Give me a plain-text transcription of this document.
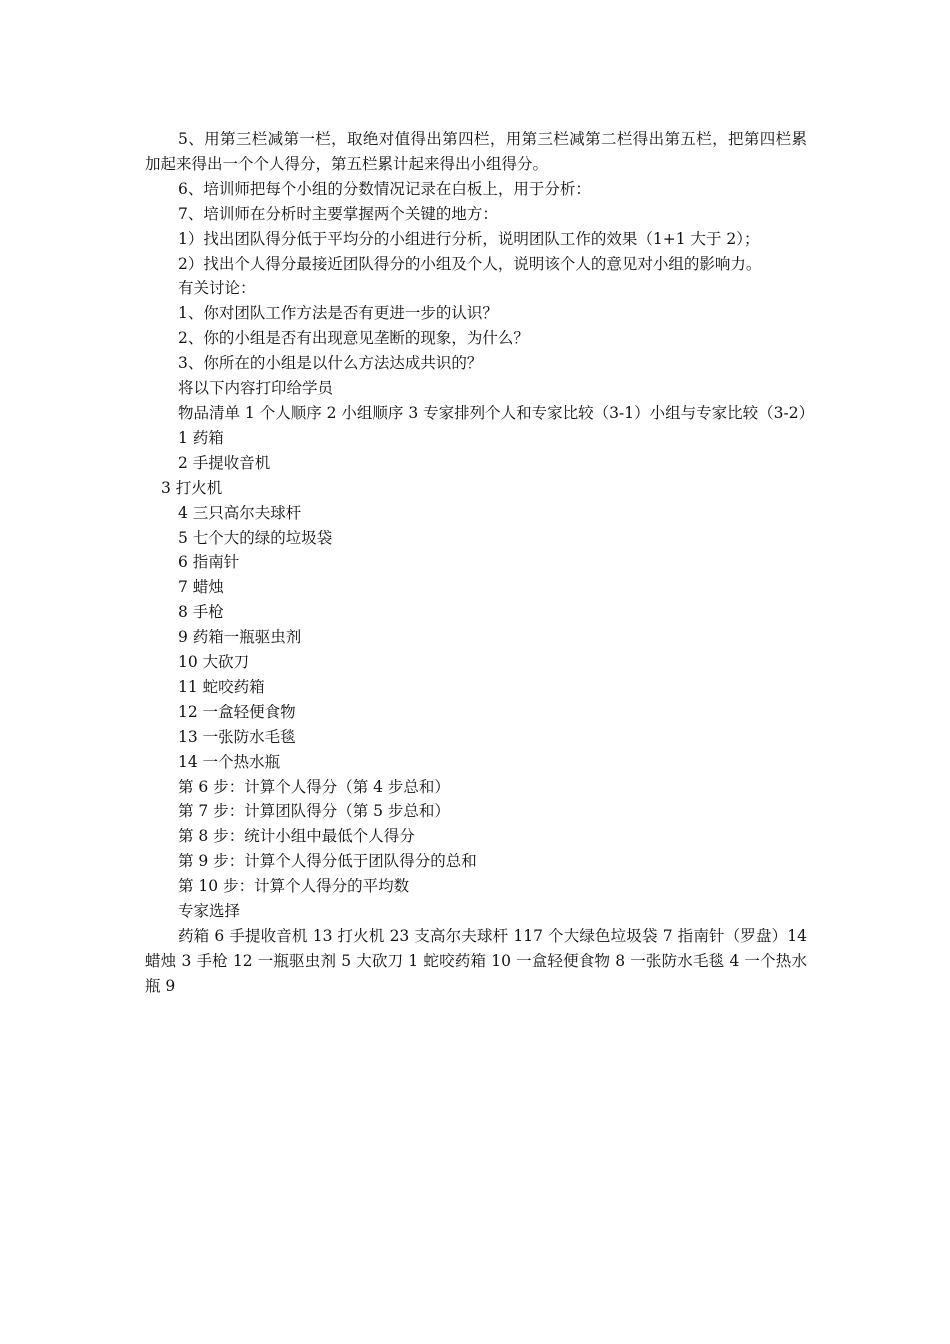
5、用第三栏减第一栏，取绝对值得出第四栏，用第三栏减第二栏得出第五栏，把第四栏累加起来得出一个个人得分，第五栏累计起来得出小组得分。

6、培训师把每个小组的分数情况记录在白板上，用于分析：

7、培训师在分析时主要掌握两个关键的地方：

1）找出团队得分低于平均分的小组进行分析，说明团队工作的效果（1+1 大于 2）；

2）找出个人得分最接近团队得分的小组及个人，说明该个人的意见对小组的影响力。

有关讨论：

1、你对团队工作方法是否有更进一步的认识？

2、你的小组是否有出现意见垄断的现象，为什么？

3、你所在的小组是以什么方法达成共识的？

将以下内容打印给学员

物品清单 1 个人顺序 2 小组顺序 3 专家排列个人和专家比较（3-1）小组与专家比较（3-2）

1 药箱

2 手提收音机

3 打火机

4 三只高尔夫球杆

5 七个大的绿的垃圾袋

6 指南针

7 蜡烛

8 手枪

9 药箱一瓶驱虫剂

10 大砍刀

11 蛇咬药箱

12 一盒轻便食物

13 一张防水毛毯

14 一个热水瓶

第 6 步：计算个人得分（第 4 步总和）

第 7 步：计算团队得分（第 5 步总和）

第 8 步：统计小组中最低个人得分

第 9 步：计算个人得分低于团队得分的总和

第 10 步：计算个人得分的平均数

专家选择

药箱 6 手提收音机 13 打火机 23 支高尔夫球杆 117 个大绿色垃圾袋 7 指南针（罗盘）14 蜡烛 3 手枪 12 一瓶驱虫剂 5 大砍刀 1 蛇咬药箱 10 一盒轻便食物 8 一张防水毛毯 4 一个热水瓶 9
